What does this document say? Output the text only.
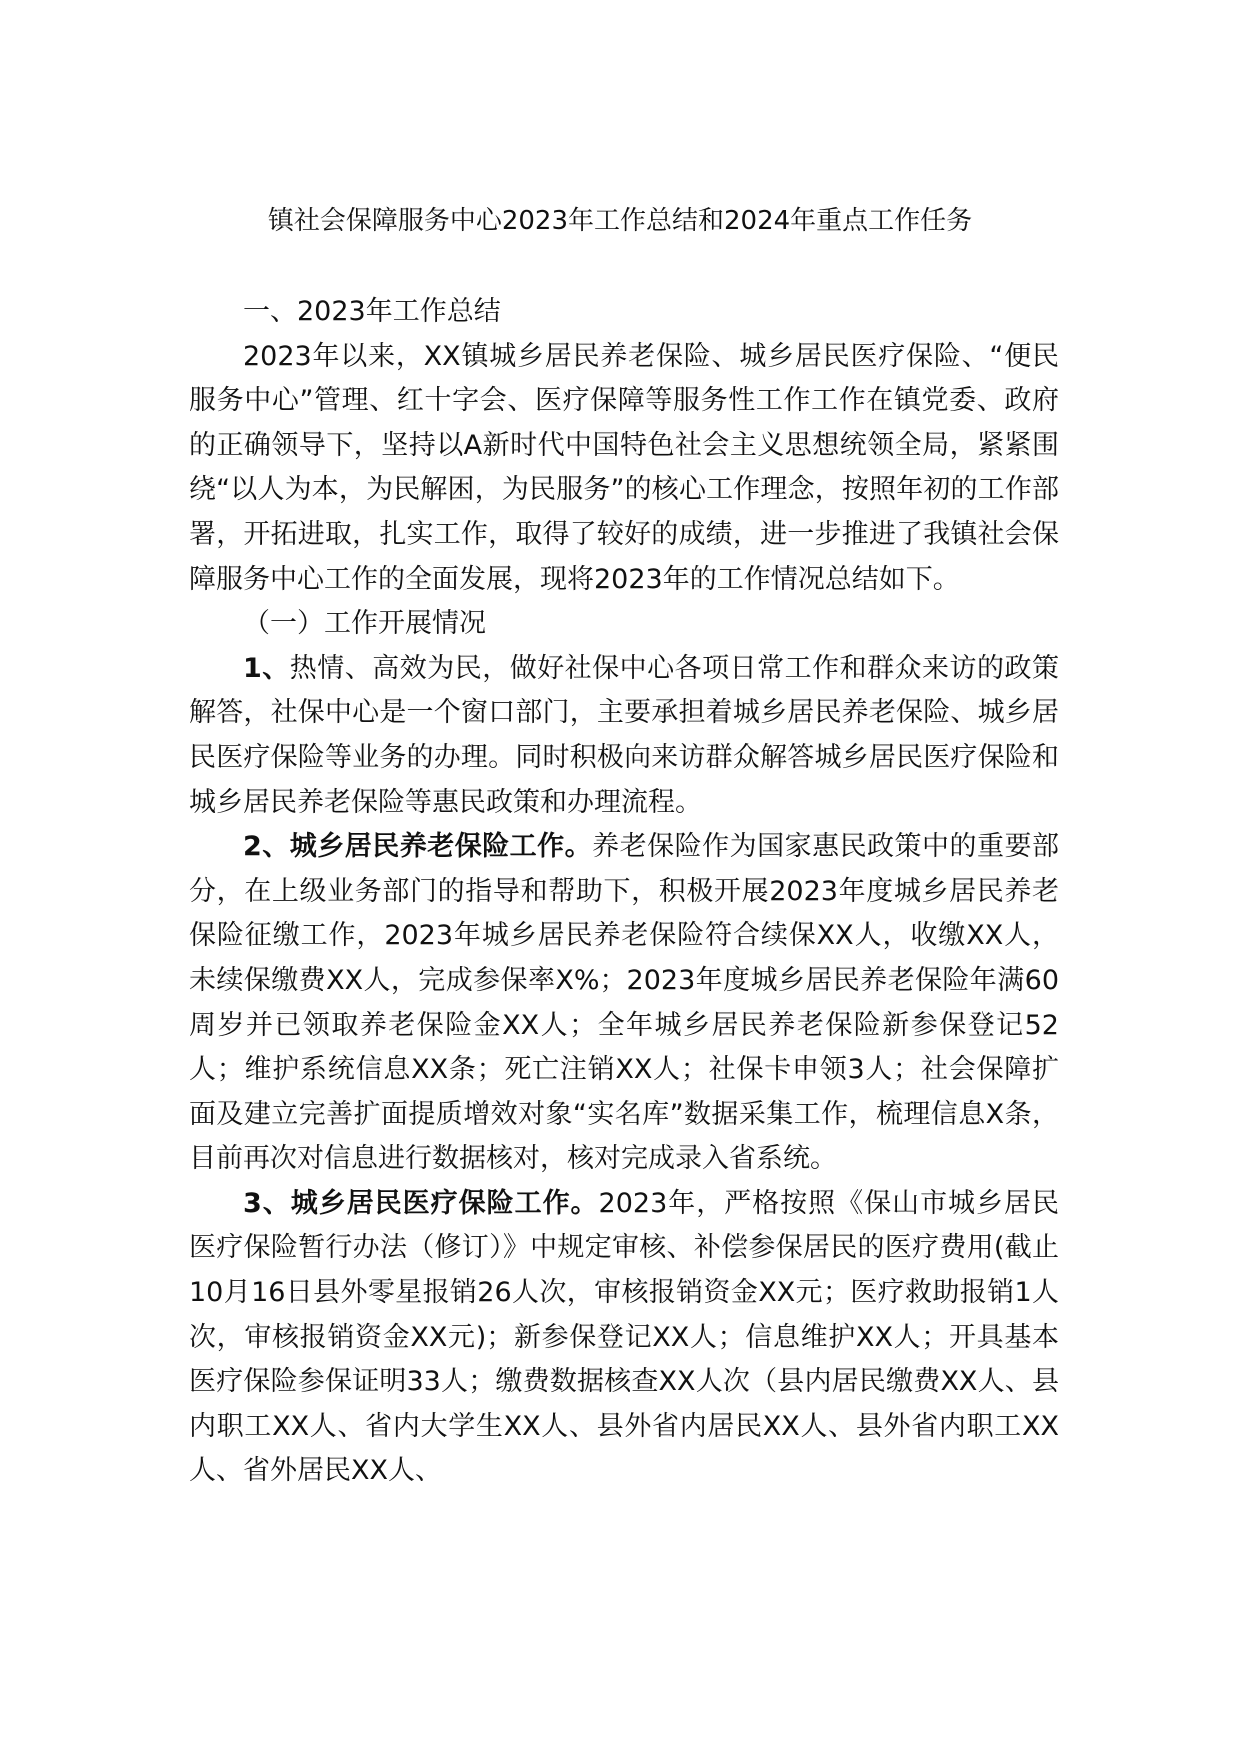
镇社会保障服务中心2023年工作总结和2024年重点工作任务

一、2023年工作总结

2023年以来，XX镇城乡居民养老保险、城乡居民医疗保险、“便民服务中心”管理、红十字会、医疗保障等服务性工作工作在镇党委、政府的正确领导下，坚持以A新时代中国特色社会主义思想统领全局，紧紧围绕“以人为本，为民解困，为民服务”的核心工作理念，按照年初的工作部署，开拓进取，扎实工作，取得了较好的成绩，进一步推进了我镇社会保障服务中心工作的全面发展，现将2023年的工作情况总结如下。

（一）工作开展情况

1、热情、高效为民，做好社保中心各项日常工作和群众来访的政策解答，社保中心是一个窗口部门，主要承担着城乡居民养老保险、城乡居民医疗保险等业务的办理。同时积极向来访群众解答城乡居民医疗保险和城乡居民养老保险等惠民政策和办理流程。

2、城乡居民养老保险工作。养老保险作为国家惠民政策中的重要部分，在上级业务部门的指导和帮助下，积极开展2023年度城乡居民养老保险征缴工作，2023年城乡居民养老保险符合续保XX人，收缴XX人，未续保缴费XX人，完成参保率X%；2023年度城乡居民养老保险年满60周岁并已领取养老保险金XX人；全年城乡居民养老保险新参保登记52人；维护系统信息XX条；死亡注销XX人；社保卡申领3人；社会保障扩面及建立完善扩面提质增效对象“实名库”数据采集工作，梳理信息X条，目前再次对信息进行数据核对，核对完成录入省系统。

3、城乡居民医疗保险工作。2023年，严格按照《保山市城乡居民医疗保险暂行办法（修订）》中规定审核、补偿参保居民的医疗费用(截止10月16日县外零星报销26人次，审核报销资金XX元；医疗救助报销1人次，审核报销资金XX元)；新参保登记XX人；信息维护XX人；开具基本医疗保险参保证明33人；缴费数据核查XX人次（县内居民缴费XX人、县内职工XX人、省内大学生XX人、县外省内居民XX人、县外省内职工XX人、省外居民XX人、
